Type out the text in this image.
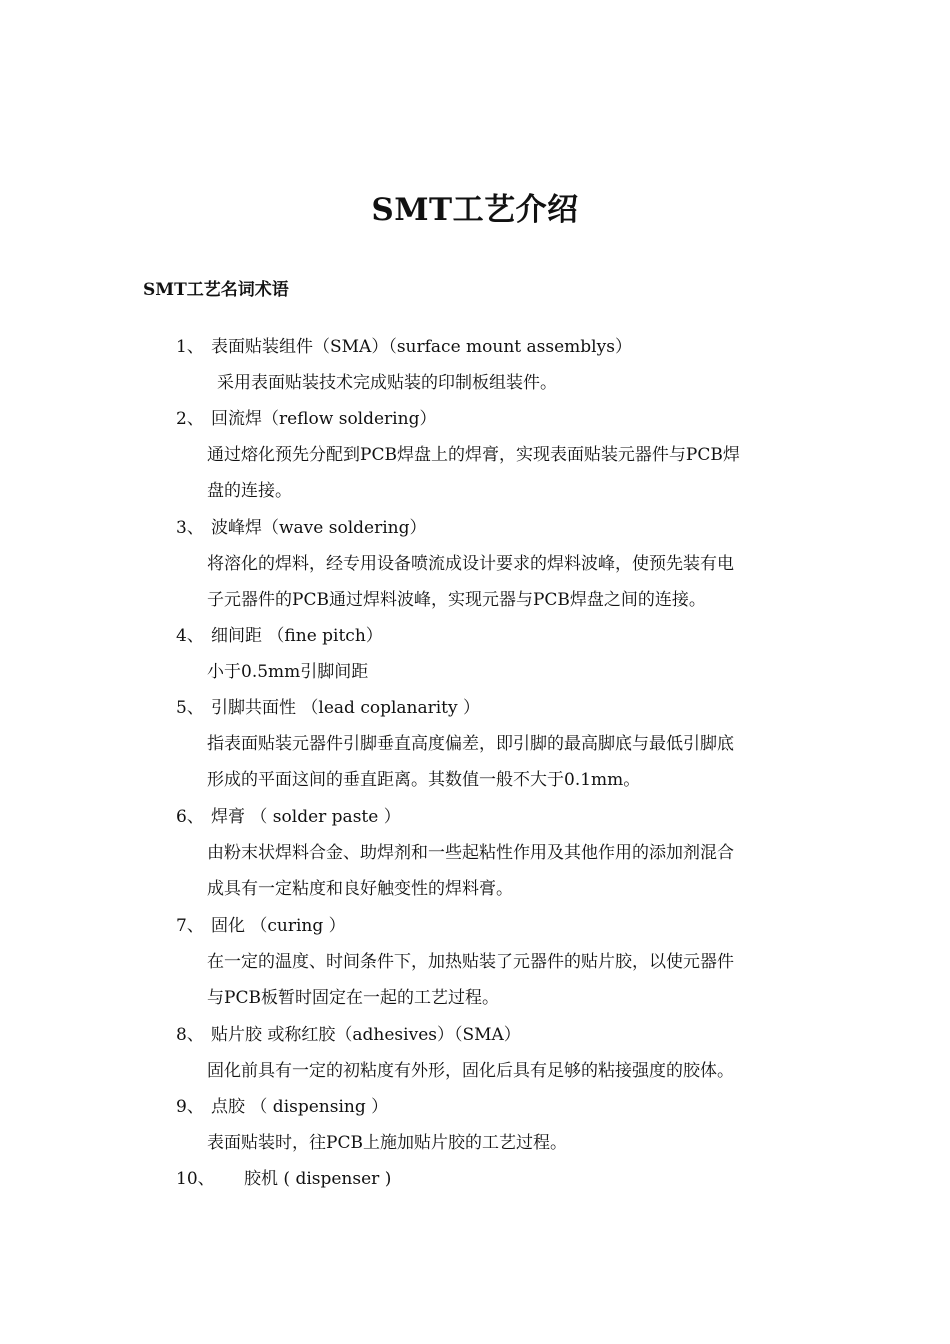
SMT工艺介绍
SMT工艺名词术语
1、 表面贴装组件（SMA）（surface mount assemblys）
采用表面贴装技术完成贴装的印制板组装件。
2、 回流焊（reflow soldering）
通过熔化预先分配到PCB焊盘上的焊膏，实现表面贴装元器件与PCB焊
盘的连接。
3、 波峰焊（wave soldering）
将溶化的焊料，经专用设备喷流成设计要求的焊料波峰，使预先装有电
子元器件的PCB通过焊料波峰，实现元器与PCB焊盘之间的连接。
4、 细间距 （fine pitch）
小于0.5mm引脚间距
5、 引脚共面性 （lead coplanarity ）
指表面贴装元器件引脚垂直高度偏差，即引脚的最高脚底与最低引脚底
形成的平面这间的垂直距离。其数值一般不大于0.1mm。
6、 焊膏 （ solder paste ）
由粉末状焊料合金、助焊剂和一些起粘性作用及其他作用的添加剂混合
成具有一定粘度和良好触变性的焊料膏。
7、 固化 （curing ）
在一定的温度、时间条件下，加热贴装了元器件的贴片胶，以使元器件
与PCB板暂时固定在一起的工艺过程。
8、 贴片胶 或称红胶（adhesives）（SMA）
固化前具有一定的初粘度有外形，固化后具有足够的粘接强度的胶体。
9、 点胶 （ dispensing ）
表面贴装时，往PCB上施加贴片胶的工艺过程。
10、 胶机 ( dispenser )
